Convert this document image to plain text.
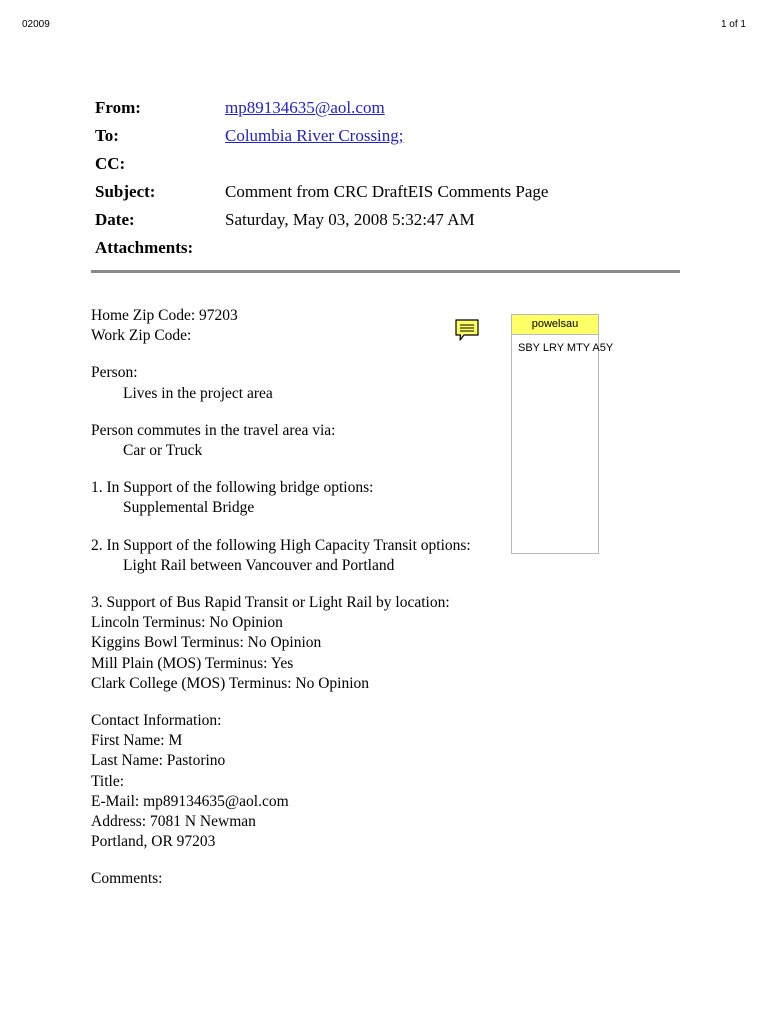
02009	1 of 1
From:	mp89134635@aol.com
To:	Columbia River Crossing;
CC:
Subject:	Comment from CRC DraftEIS Comments Page
Date:	Saturday, May 03, 2008 5:32:47 AM
Attachments:
Home Zip Code: 97203
Work Zip Code:
Person:
Lives in the project area
Person commutes in the travel area via:
Car or Truck
1. In Support of the following bridge options:
Supplemental Bridge
2. In Support of the following High Capacity Transit options:
Light Rail between Vancouver and Portland
3. Support of Bus Rapid Transit or Light Rail by location:
Lincoln Terminus: No Opinion
Kiggins Bowl Terminus: No Opinion
Mill Plain (MOS) Terminus: Yes
Clark College (MOS) Terminus: No Opinion
Contact Information:
First Name: M
Last Name: Pastorino
Title:
E-Mail: mp89134635@aol.com
Address: 7081 N Newman
Portland, OR 97203
Comments:
powelsau
SBY LRY MTY A5Y
